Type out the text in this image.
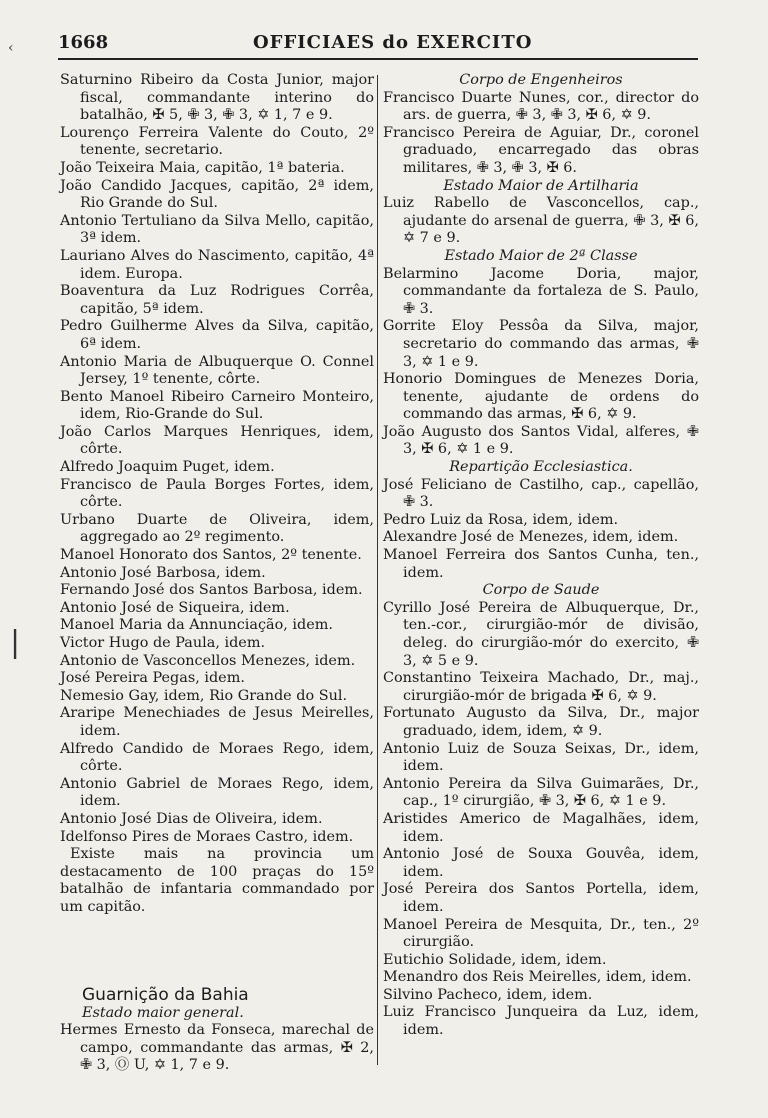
1668	OFFICIAES do EXERCITO
‹
|
Saturnino Ribeiro da Costa Junior, major fiscal, commandante interino do batalhão, ✠ 5, ✙ 3, ✙ 3, ✡ 1, 7 e 9.
Lourenço Ferreira Valente do Couto, 2º tenente, secretario.
João Teixeira Maia, capitão, 1ª bateria.
João Candido Jacques, capitão, 2ª idem, Rio Grande do Sul.
Antonio Tertuliano da Silva Mello, capitão, 3ª idem.
Lauriano Alves do Nascimento, capitão, 4ª idem. Europa.
Boaventura da Luz Rodrigues Corrêa, capitão, 5ª idem.
Pedro Guilherme Alves da Silva, capitão, 6ª idem.
Antonio Maria de Albuquerque O. Connel Jersey, 1º tenente, côrte.
Bento Manoel Ribeiro Carneiro Monteiro, idem, Rio-Grande do Sul.
João Carlos Marques Henriques, idem, côrte.
Alfredo Joaquim Puget, idem.
Francisco de Paula Borges Fortes, idem, côrte.
Urbano Duarte de Oliveira, idem, aggregado ao 2º regimento.
Manoel Honorato dos Santos, 2º tenente.
Antonio José Barbosa, idem.
Fernando José dos Santos Barbosa, idem.
Antonio José de Siqueira, idem.
Manoel Maria da Annunciação, idem.
Victor Hugo de Paula, idem.
Antonio de Vasconcellos Menezes, idem.
José Pereira Pegas, idem.
Nemesio Gay, idem, Rio Grande do Sul.
Araripe Menechiades de Jesus Meirelles, idem.
Alfredo Candido de Moraes Rego, idem, côrte.
Antonio Gabriel de Moraes Rego, idem, idem.
Antonio José Dias de Oliveira, idem.
Idelfonso Pires de Moraes Castro, idem.
Existe mais na provincia um destacamento de 100 praças do 15º batalhão de infantaria commandado por um capitão.
Guarnição da Bahia
Estado maior general.
Hermes Ernesto da Fonseca, marechal de campo, commandante das armas, ✠ 2, ✙ 3, Ⓞ U, ✡ 1, 7 e 9.
Corpo de Engenheiros
Francisco Duarte Nunes, cor., director do ars. de guerra, ✙ 3, ✙ 3, ✠ 6, ✡ 9.
Francisco Pereira de Aguiar, Dr., coronel graduado, encarregado das obras militares, ✙ 3, ✙ 3, ✠ 6.
Estado Maior de Artilharia
Luiz Rabello de Vasconcellos, cap., ajudante do arsenal de guerra, ✙ 3, ✠ 6, ✡ 7 e 9.
Estado Maior de 2ª Classe
Belarmino Jacome Doria, major, commandante da fortaleza de S. Paulo, ✙ 3.
Gorrite Eloy Pessôa da Silva, major, secretario do commando das armas, ✙ 3, ✡ 1 e 9.
Honorio Domingues de Menezes Doria, tenente, ajudante de ordens do commando das armas, ✠ 6, ✡ 9.
João Augusto dos Santos Vidal, alferes, ✙ 3, ✠ 6, ✡ 1 e 9.
Repartição Ecclesiastica.
José Feliciano de Castilho, cap., capellão, ✙ 3.
Pedro Luiz da Rosa, idem, idem.
Alexandre José de Menezes, idem, idem.
Manoel Ferreira dos Santos Cunha, ten., idem.
Corpo de Saude
Cyrillo José Pereira de Albuquerque, Dr., ten.-cor., cirurgião-mór de divisão, deleg. do cirurgião-mór do exercito, ✙ 3, ✡ 5 e 9.
Constantino Teixeira Machado, Dr., maj., cirurgião-mór de brigada ✠ 6, ✡ 9.
Fortunato Augusto da Silva, Dr., major graduado, idem, idem, ✡ 9.
Antonio Luiz de Souza Seixas, Dr., idem, idem.
Antonio Pereira da Silva Guimarães, Dr., cap., 1º cirurgião, ✙ 3, ✠ 6, ✡ 1 e 9.
Aristides Americo de Magalhães, idem, idem.
Antonio José de Souxa Gouvêa, idem, idem.
José Pereira dos Santos Portella, idem, idem.
Manoel Pereira de Mesquita, Dr., ten., 2º cirurgião.
Eutichio Solidade, idem, idem.
Menandro dos Reis Meirelles, idem, idem.
Silvino Pacheco, idem, idem.
Luiz Francisco Junqueira da Luz, idem, idem.
